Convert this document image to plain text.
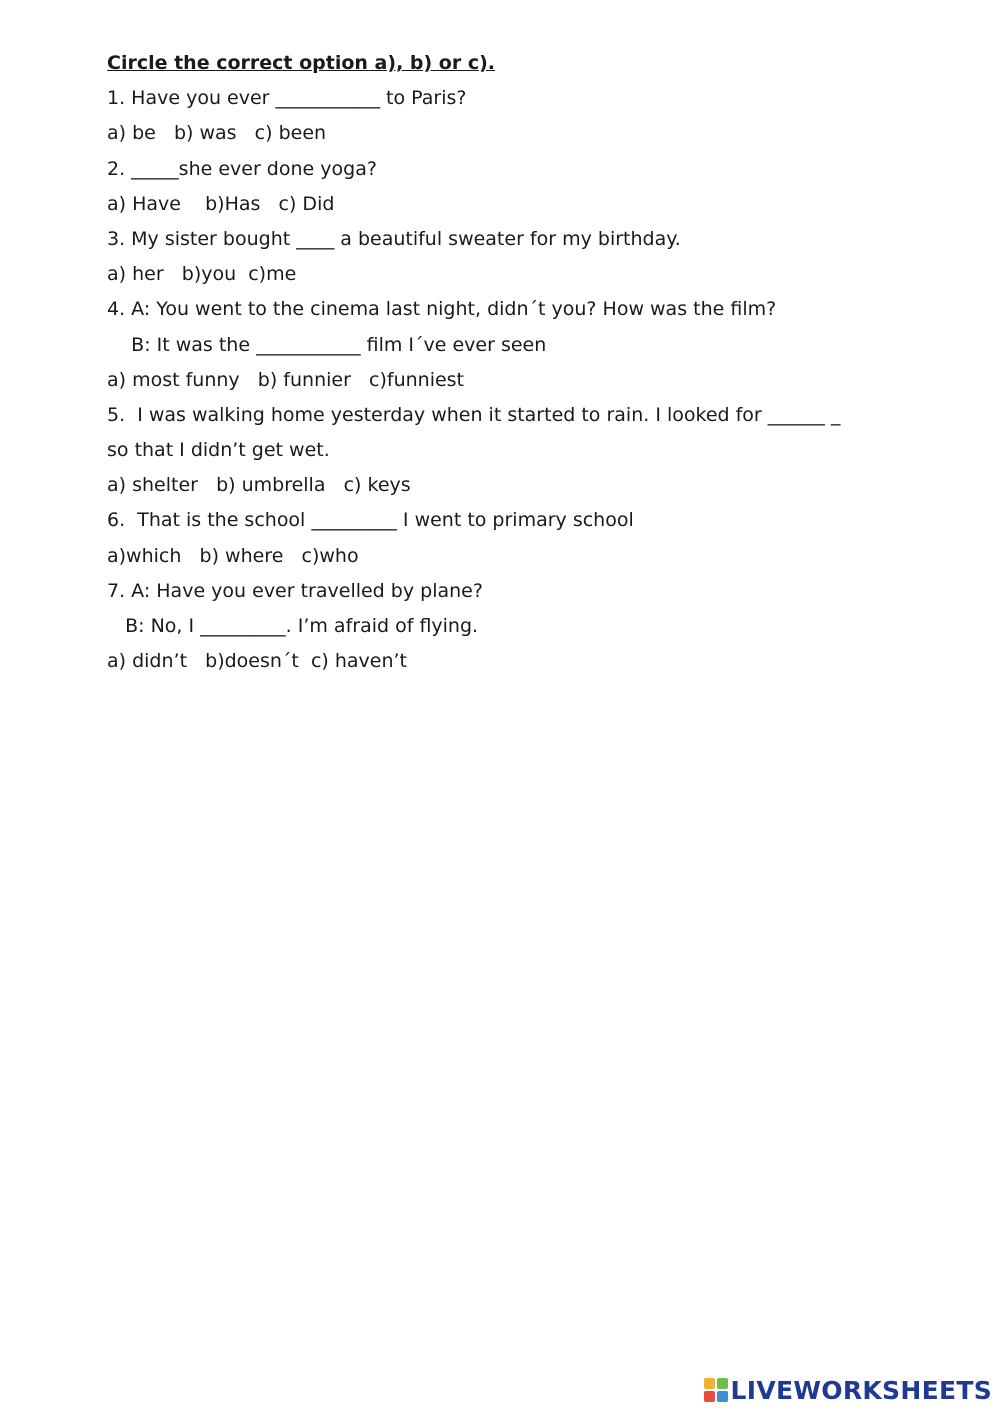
Circle the correct option a), b) or c).
1. Have you ever ___________ to Paris?
a) be   b) was   c) been
2. _____she ever done yoga?
a) Have    b)Has   c) Did
3. My sister bought ____ a beautiful sweater for my birthday.
a) her   b)you  c)me
4. A: You went to the cinema last night, didn´t you? How was the film?
B: It was the ___________ film I´ve ever seen
a) most funny   b) funnier   c)funniest
5.  I was walking home yesterday when it started to rain. I looked for ______ _
so that I didn’t get wet.
a) shelter   b) umbrella   c) keys
6.  That is the school _________ I went to primary school
a)which   b) where   c)who
7. A: Have you ever travelled by plane?
B: No, I _________. I’m afraid of flying.
a) didn’t   b)doesn´t  c) haven’t
LIVEWORKSHEETS
